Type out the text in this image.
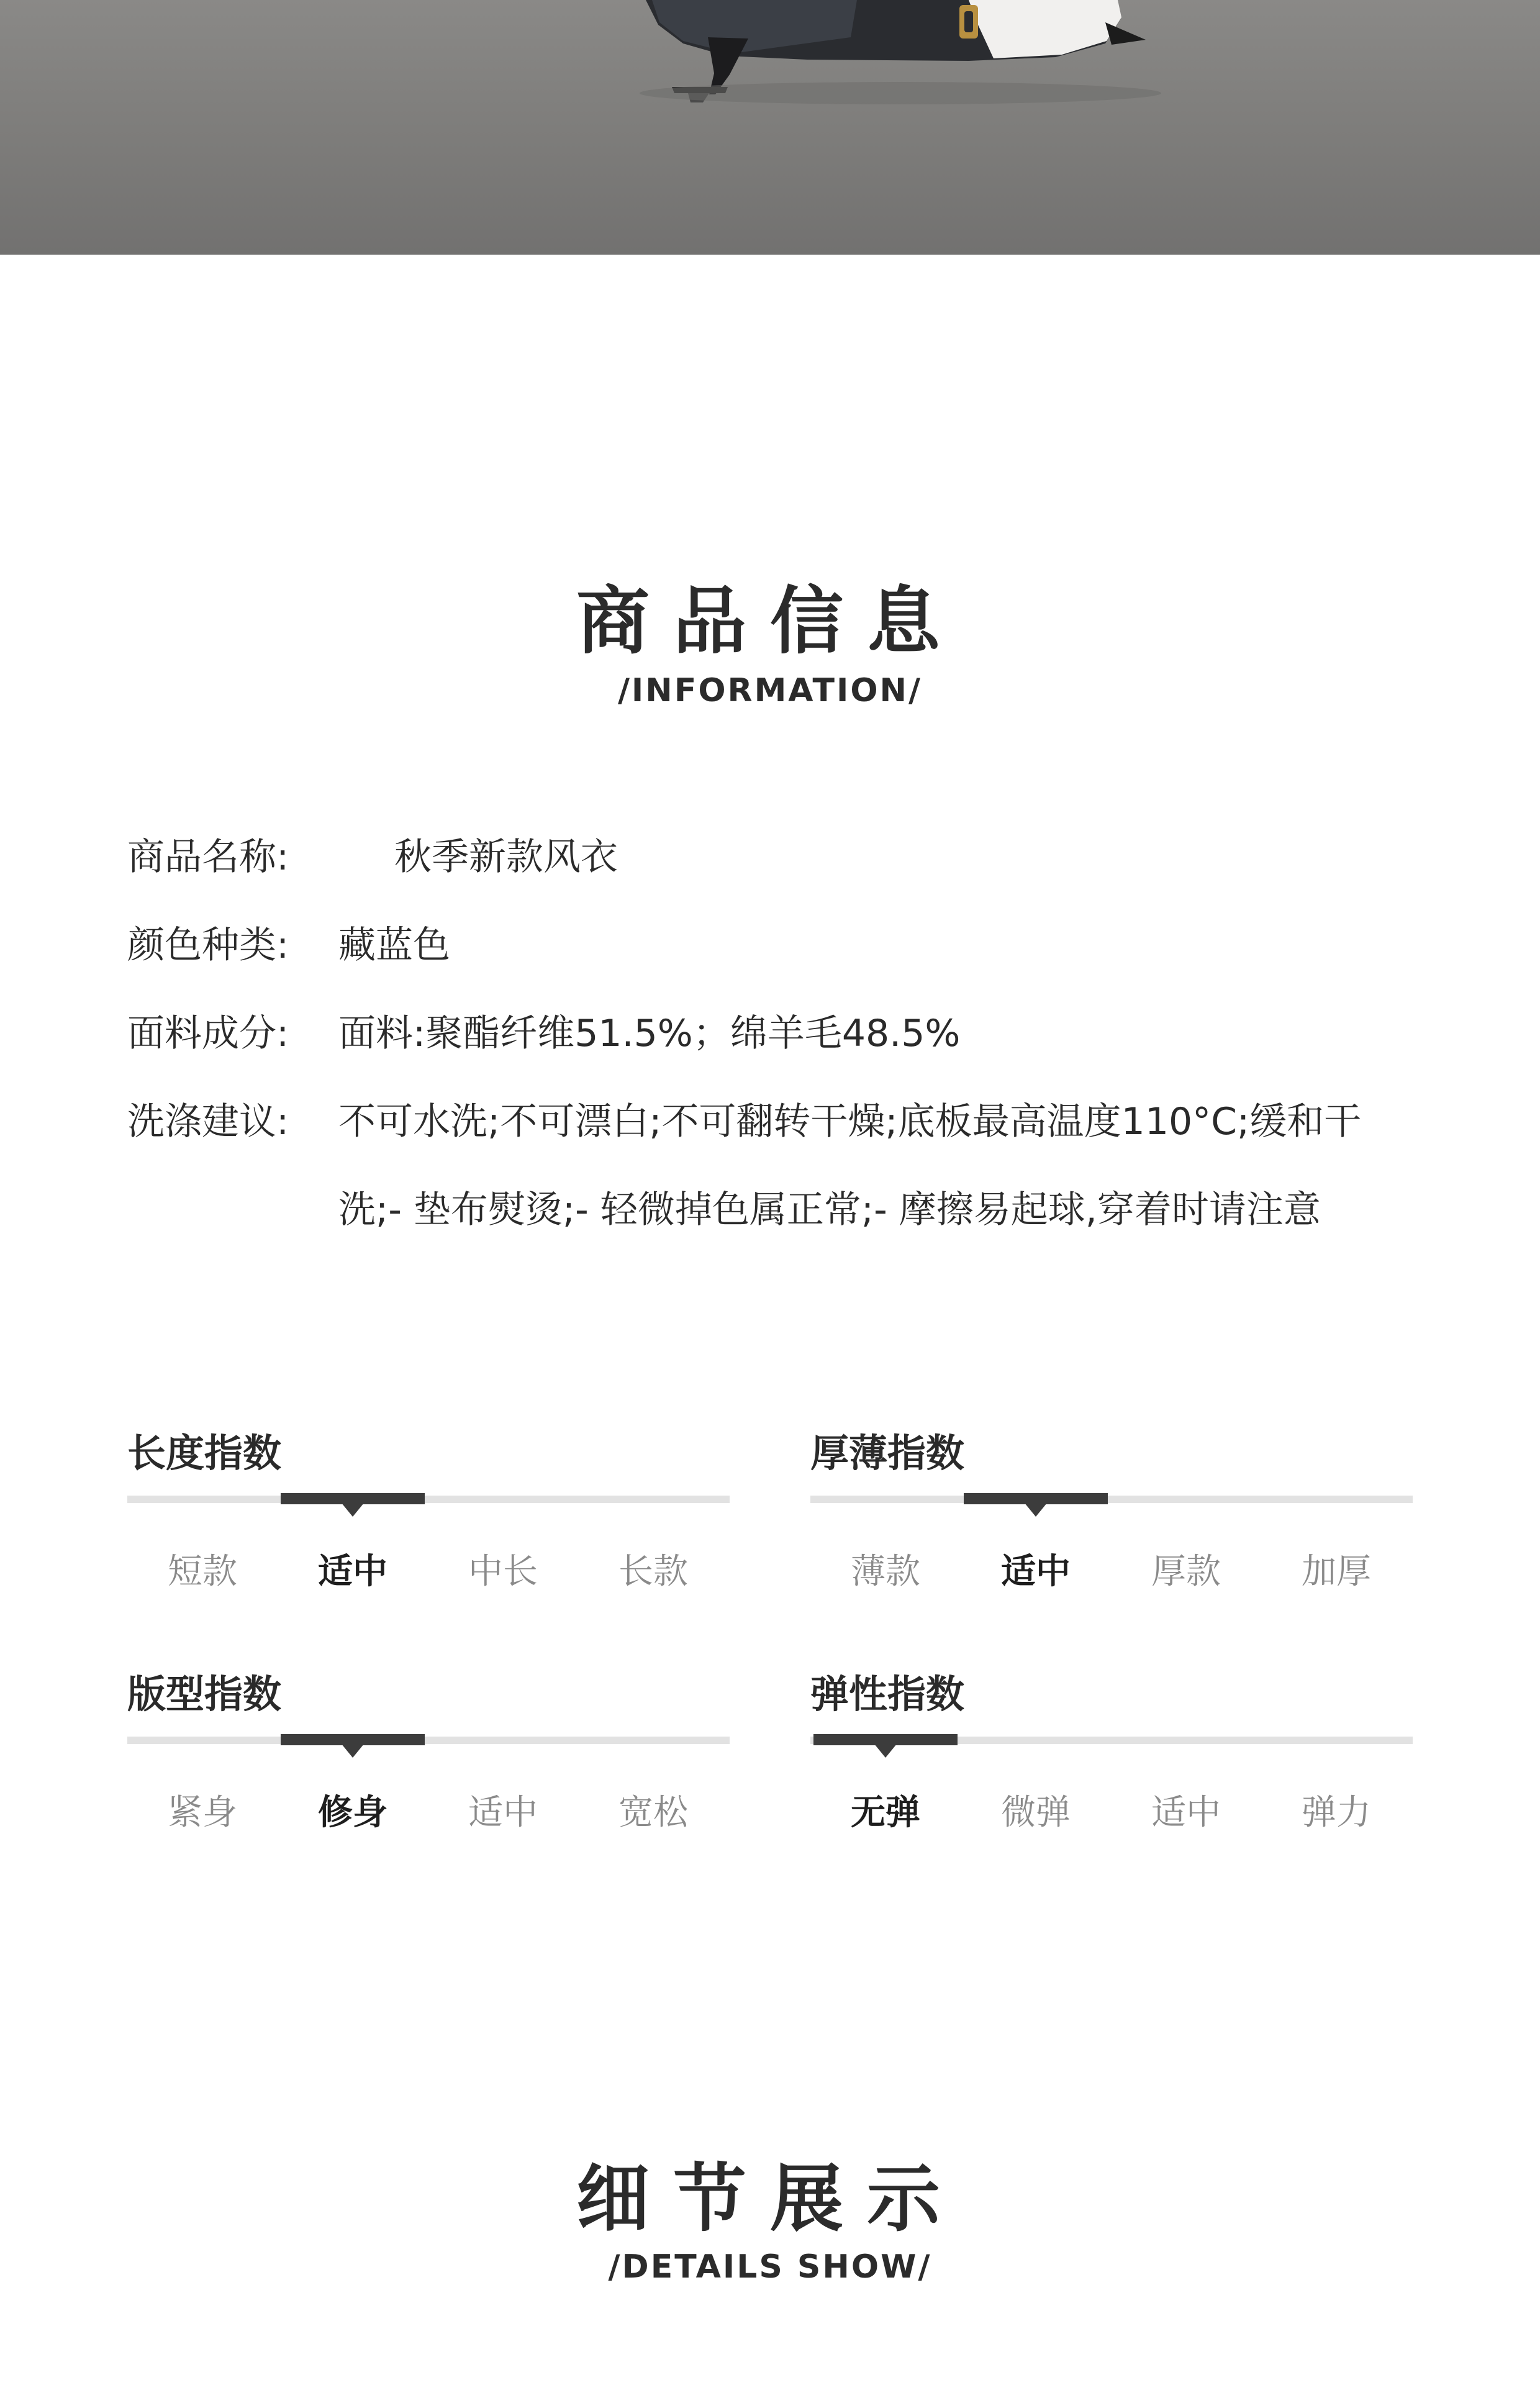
商品信息
/INFORMATION/
商品名称:	秋季新款风衣
颜色种类: 藏蓝色
面料成分: 面料:聚酯纤维51.5%；绵羊毛48.5%
洗涤建议: 不可水洗;不可漂白;不可翻转干燥;底板最高温度110°C;缓和干
洗;- 垫布熨烫;- 轻微掉色属正常;- 摩擦易起球,穿着时请注意
长度指数
短款	适中	中长	长款
厚薄指数
薄款	适中	厚款	加厚
版型指数
紧身	修身	适中	宽松
弹性指数
无弹	微弹	适中	弹力
细节展示
/DETAILS SHOW/
